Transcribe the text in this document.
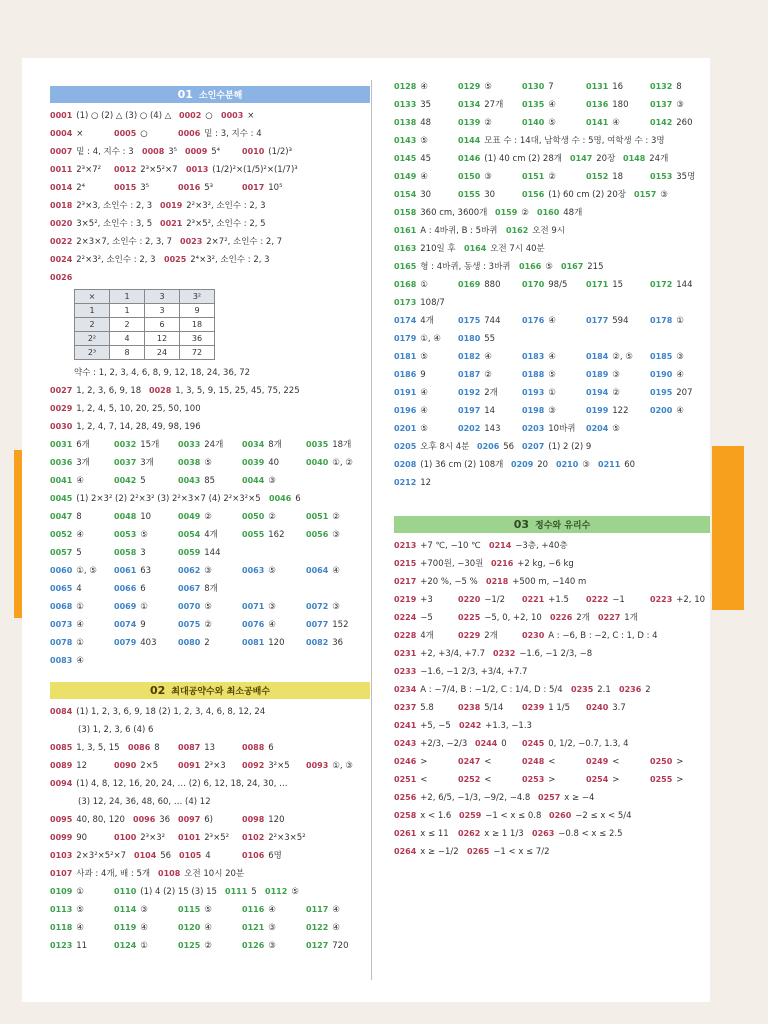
01 소인수분해
0001 (1) ○ (2) △ (3) ○ (4) △ 0002 ○ 0003 ×
0004 ×	0005 ○	0006 밑 : 3, 지수 : 4
0007 밑 : 4, 지수 : 3 0008 3⁵ 0009 5⁴	0010 (1/2)³
0011 2³×7² 0012 2³×5²×7 0013 (1/2)²×(1/5)²×(1/7)³
0014 2⁴	0015 3⁵	0016 5³	0017 10⁵
0018 2³×3, 소인수 : 2, 3 0019 2²×3², 소인수 : 2, 3
0020 3×5², 소인수 : 3, 5 0021 2³×5², 소인수 : 2, 5
0022 2×3×7, 소인수 : 2, 3, 7 0023 2×7², 소인수 : 2, 7
0024 2²×3², 소인수 : 2, 3 0025 2⁴×3², 소인수 : 2, 3
0026
×	1	3	3²
1	1	3	9
2	2	6	18
2²	4	12	36
2³	8	24	72
약수 : 1, 2, 3, 4, 6, 8, 9, 12, 18, 24, 36, 72
0027 1, 2, 3, 6, 9, 18 0028 1, 3, 5, 9, 15, 25, 45, 75, 225
0029 1, 2, 4, 5, 10, 20, 25, 50, 100
0030 1, 2, 4, 7, 14, 28, 49, 98, 196
0031 6개	0032 15개 0033 24개 0034 8개	0035 18개
0036 3개	0037 3개	0038 ⑤	0039 40	0040 ①, ②
0041 ④	0042 5	0043 85	0044 ③
0045 (1) 2×3² (2) 2²×3² (3) 2²×3×7 (4) 2²×3²×5 0046 6
0047 8	0048 10	0049 ②	0050 ②	0051 ②
0052 ④	0053 ⑤	0054 4개	0055 162	0056 ③
0057 5	0058 3	0059 144
0060 ①, ⑤ 0061 63	0062 ③	0063 ⑤	0064 ④
0065 4	0066 6	0067 8개
0068 ①	0069 ①	0070 ⑤	0071 ③	0072 ③
0073 ④	0074 9	0075 ②	0076 ④	0077 152
0078 ①	0079 403	0080 2	0081 120	0082 36
0083 ④
02 최대공약수와 최소공배수
0084 (1) 1, 2, 3, 6, 9, 18 (2) 1, 2, 3, 4, 6, 8, 12, 24
(3) 1, 2, 3, 6 (4) 6
0085 1, 3, 5, 15 0086 8 0087 13	0088 6
0089 12	0090 2×5 0091 2³×3 0092 3²×5 0093 ①, ③
0094 (1) 4, 8, 12, 16, 20, 24, … (2) 6, 12, 18, 24, 30, …
(3) 12, 24, 36, 48, 60, … (4) 12
0095 40, 80, 120 0096 36 0097 6)	0098 120
0099 90	0100 2³×3² 0101 2³×5² 0102 2²×3×5²
0103 2×3²×5²×7 0104 56 0105 4	0106 6명
0107 사과 : 4개, 배 : 5개 0108 오전 10시 20분
0109 ①	0110 (1) 4 (2) 15 (3) 15 0111 5 0112 ⑤
0113 ⑤	0114 ③	0115 ⑤	0116 ④	0117 ④
0118 ④	0119 ④	0120 ④	0121 ③	0122 ④
0123 11	0124 ①	0125 ②	0126 ③	0127 720
0128 ④	0129 ⑤	0130 7	0131 16	0132 8
0133 35	0134 27개 0135 ④	0136 180	0137 ③
0138 48	0139 ②	0140 ⑤	0141 ④	0142 260
0143 ⑤	0144 모표 수 : 14대, 남학생 수 : 5명, 여학생 수 : 3명
0145 45	0146 (1) 40 cm (2) 28개 0147 20장 0148 24개
0149 ④	0150 ③	0151 ②	0152 18	0153 35명
0154 30	0155 30	0156 (1) 60 cm (2) 20장 0157 ③
0158 360 cm, 3600개 0159 ② 0160 48개
0161 A : 4바퀴, B : 5바퀴 0162 오전 9시
0163 210일 후 0164 오전 7시 40분
0165 형 : 4바퀴, 동생 : 3바퀴 0166 ⑤ 0167 215
0168 ①	0169 880	0170 98/5 0171 15	0172 144
0173 108/7
0174 4개	0175 744	0176 ④	0177 594	0178 ①
0179 ①, ④ 0180 55
0181 ⑤	0182 ④	0183 ④	0184 ②, ⑤ 0185 ③
0186 9	0187 ②	0188 ⑤	0189 ③	0190 ④
0191 ④	0192 2개	0193 ①	0194 ②	0195 207
0196 ④	0197 14	0198 ③	0199 122	0200 ④
0201 ⑤	0202 143	0203 10바퀴 0204 ⑤
0205 오후 8시 4분 0206 56 0207 (1) 2 (2) 9
0208 (1) 36 cm (2) 108개 0209 20 0210 ③ 0211 60
0212 12
03 정수와 유리수
0213 +7 ℃, −10 ℃ 0214 −3층, +40층
0215 +700원, −30원 0216 +2 kg, −6 kg
0217 +20 %, −5 % 0218 +500 m, −140 m
0219 +3	0220 −1/2 0221 +1.5 0222 −1	0223 +2, 10
0224 −5	0225 −5, 0, +2, 10 0226 2개 0227 1개
0228 4개	0229 2개	0230 A : −6, B : −2, C : 1, D : 4
0231 +2, +3/4, +7.7 0232 −1.6, −1 2/3, −8
0233 −1.6, −1 2/3, +3/4, +7.7
0234 A : −7/4, B : −1/2, C : 1/4, D : 5/4 0235 2.1 0236 2
0237 5.8	0238 5/14 0239 1 1/5 0240 3.7
0241 +5, −5 0242 +1.3, −1.3
0243 +2/3, −2/3 0244 0 0245 0, 1/2, −0.7, 1.3, 4
0246 >	0247 <	0248 <	0249 <	0250 >
0251 <	0252 <	0253 >	0254 >	0255 >
0256 +2, 6/5, −1/3, −9/2, −4.8 0257 x ≥ −4
0258 x < 1.6 0259 −1 < x ≤ 0.8 0260 −2 ≤ x < 5/4
0261 x ≤ 11 0262 x ≥ 1 1/3 0263 −0.8 < x ≤ 2.5
0264 x ≥ −1/2 0265 −1 < x ≤ 7/2
